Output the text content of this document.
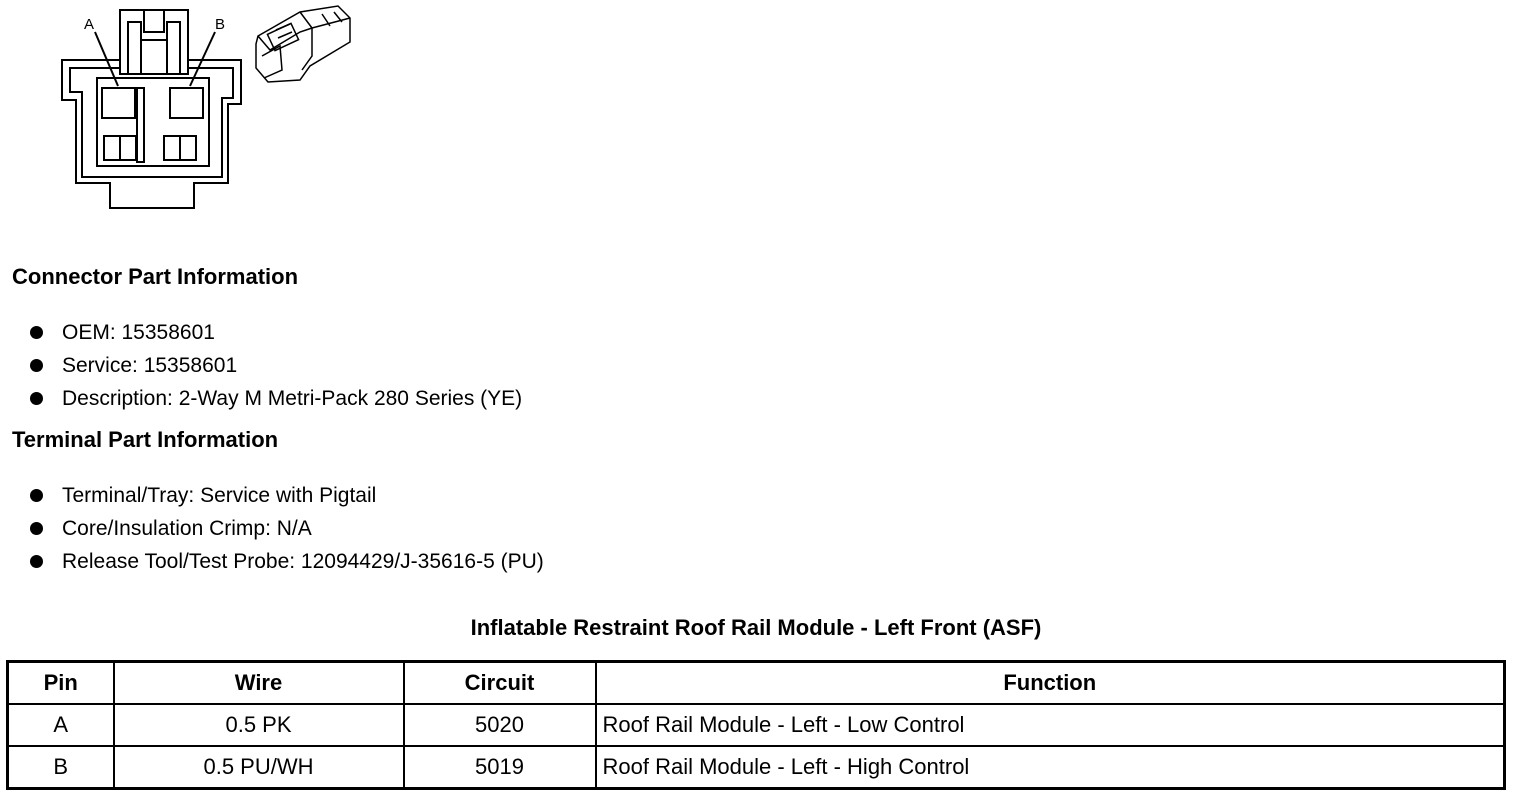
A	B
Connector Part Information
OEM: 15358601
Service: 15358601
Description: 2-Way M Metri-Pack 280 Series (YE)
Terminal Part Information
Terminal/Tray: Service with Pigtail
Core/Insulation Crimp: N/A
Release Tool/Test Probe: 12094429/J-35616-5 (PU)
Inflatable Restraint Roof Rail Module - Left Front (ASF)
Pin	Wire	Circuit	Function
A	0.5 PK	5020	Roof Rail Module - Left - Low Control
B	0.5 PU/WH	5019	Roof Rail Module - Left - High Control
